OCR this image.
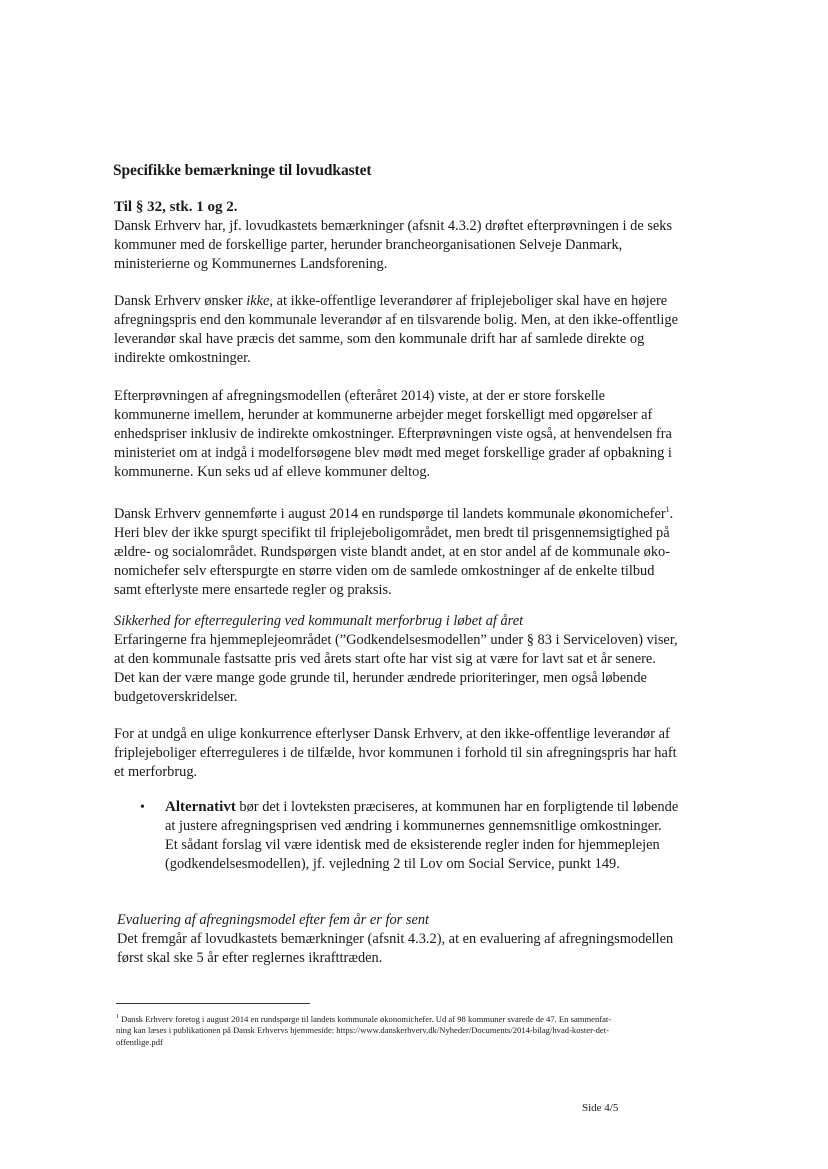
Specifikke bemærkninge til lovudkastet
Til § 32, stk. 1 og 2.
Dansk Erhverv har, jf. lovudkastets bemærkninger (afsnit 4.3.2) drøftet efterprøvningen i de seks
kommuner med de forskellige parter, herunder brancheorganisationen Selveje Danmark,
ministerierne og Kommunernes Landsforening.
Dansk Erhverv ønsker ikke, at ikke-offentlige leverandører af friplejeboliger skal have en højere
afregningspris end den kommunale leverandør af en tilsvarende bolig. Men, at den ikke-offentlige
leverandør skal have præcis det samme, som den kommunale drift har af samlede direkte og
indirekte omkostninger.
Efterprøvningen af afregningsmodellen (efteråret 2014) viste, at der er store forskelle
kommunerne imellem, herunder at kommunerne arbejder meget forskelligt med opgørelser af
enhedspriser inklusiv de indirekte omkostninger. Efterprøvningen viste også, at henvendelsen fra
ministeriet om at indgå i modelforsøgene blev mødt med meget forskellige grader af opbakning i
kommunerne. Kun seks ud af elleve kommuner deltog.
Dansk Erhverv gennemførte i august 2014 en rundspørge til landets kommunale økonomichefer$^1$.
Heri blev der ikke spurgt specifikt til friplejeboligområdet, men bredt til prisgennemsigtighed på
ældre- og socialområdet. Rundspørgen viste blandt andet, at en stor andel af de kommunale øko-
nomichefer selv efterspurgte en større viden om de samlede omkostninger af de enkelte tilbud
samt efterlyste mere ensartede regler og praksis.
Sikkerhed for efterregulering ved kommunalt merforbrug i løbet af året
Erfaringerne fra hjemmeplejeområdet (”Godkendelsesmodellen” under § 83 i Serviceloven) viser,
at den kommunale fastsatte pris ved årets start ofte har vist sig at være for lavt sat et år senere.
Det kan der være mange gode grunde til, herunder ændrede prioriteringer, men også løbende
budgetoverskridelser.
For at undgå en ulige konkurrence efterlyser Dansk Erhverv, at den ikke-offentlige leverandør af
friplejeboliger efterreguleres i de tilfælde, hvor kommunen i forhold til sin afregningspris har haft
et merforbrug.
• Alternativt bør det i lovteksten præciseres, at kommunen har en forpligtende til løbende
at justere afregningsprisen ved ændring i kommunernes gennemsnitlige omkostninger.
Et sådant forslag vil være identisk med de eksisterende regler inden for hjemmeplejen
(godkendelsesmodellen), jf. vejledning 2 til Lov om Social Service, punkt 149.
Evaluering af afregningsmodel efter fem år er for sent
Det fremgår af lovudkastets bemærkninger (afsnit 4.3.2), at en evaluering af afregningsmodellen
først skal ske 5 år efter reglernes ikrafttræden.
$^1$ Dansk Erhverv foretog i august 2014 en rundspørge til landets kommunale økonomichefer. Ud af 98 kommuner svarede de 47. En sammenfat-
ning kan læses i publikationen på Dansk Erhvervs hjemmeside: https://www.danskerhverv.dk/Nyheder/Documents/2014-bilag/hvad-koster-det-
offentlige.pdf
Side 4/5
